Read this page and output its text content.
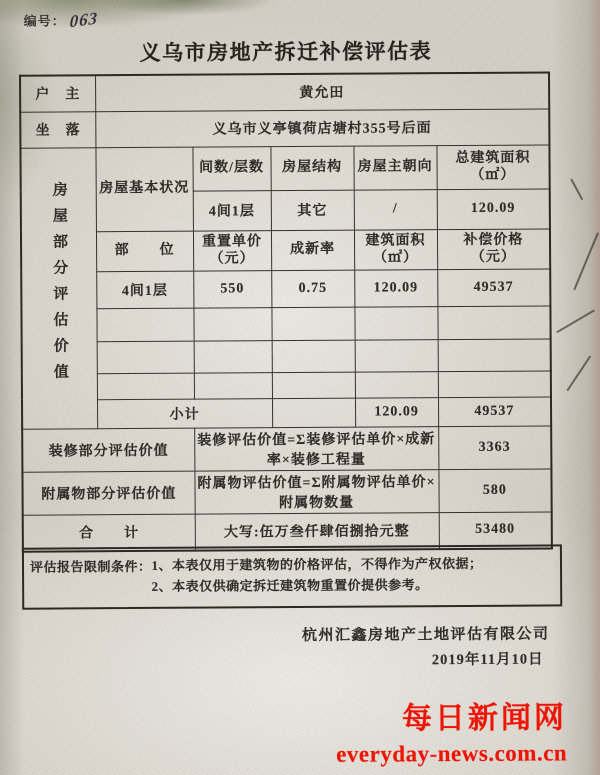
编号： 063
义乌市房地产拆迁补偿评估表
户　主	黄允田				
坐　落	义乌市义亭镇荷店塘村355号后面				
房屋部分评估价值	房屋基本状况	间数/层数	房屋结构	房屋主朝向	总建筑面积（㎡）
		4间1层	其它	/	120.09
	部　　位	重置单价（元）	成新率	建筑面积（㎡）	补偿价格（元）
	4间1层	550	0.75	120.09	49537

	小计			120.09	49537
装修部分评估价值		装修评估价值=Σ装修评估单价×成新率×装修工程量			3363
附属物部分评估价值		附属物评估价值=Σ附属物评估单价×附属物数量			580
合　　计		大写:伍万叁仟肆佰捌拾元整			53480
评估报告限制条件： 1、本表仅用于建筑物的价格评估，不得作为产权依据；
2、本表仅供确定拆迁建筑物重置价提供参考。
杭州汇鑫房地产土地评估有限公司
2019年11月10日
每日新闻网
everyday-news.com.cn
